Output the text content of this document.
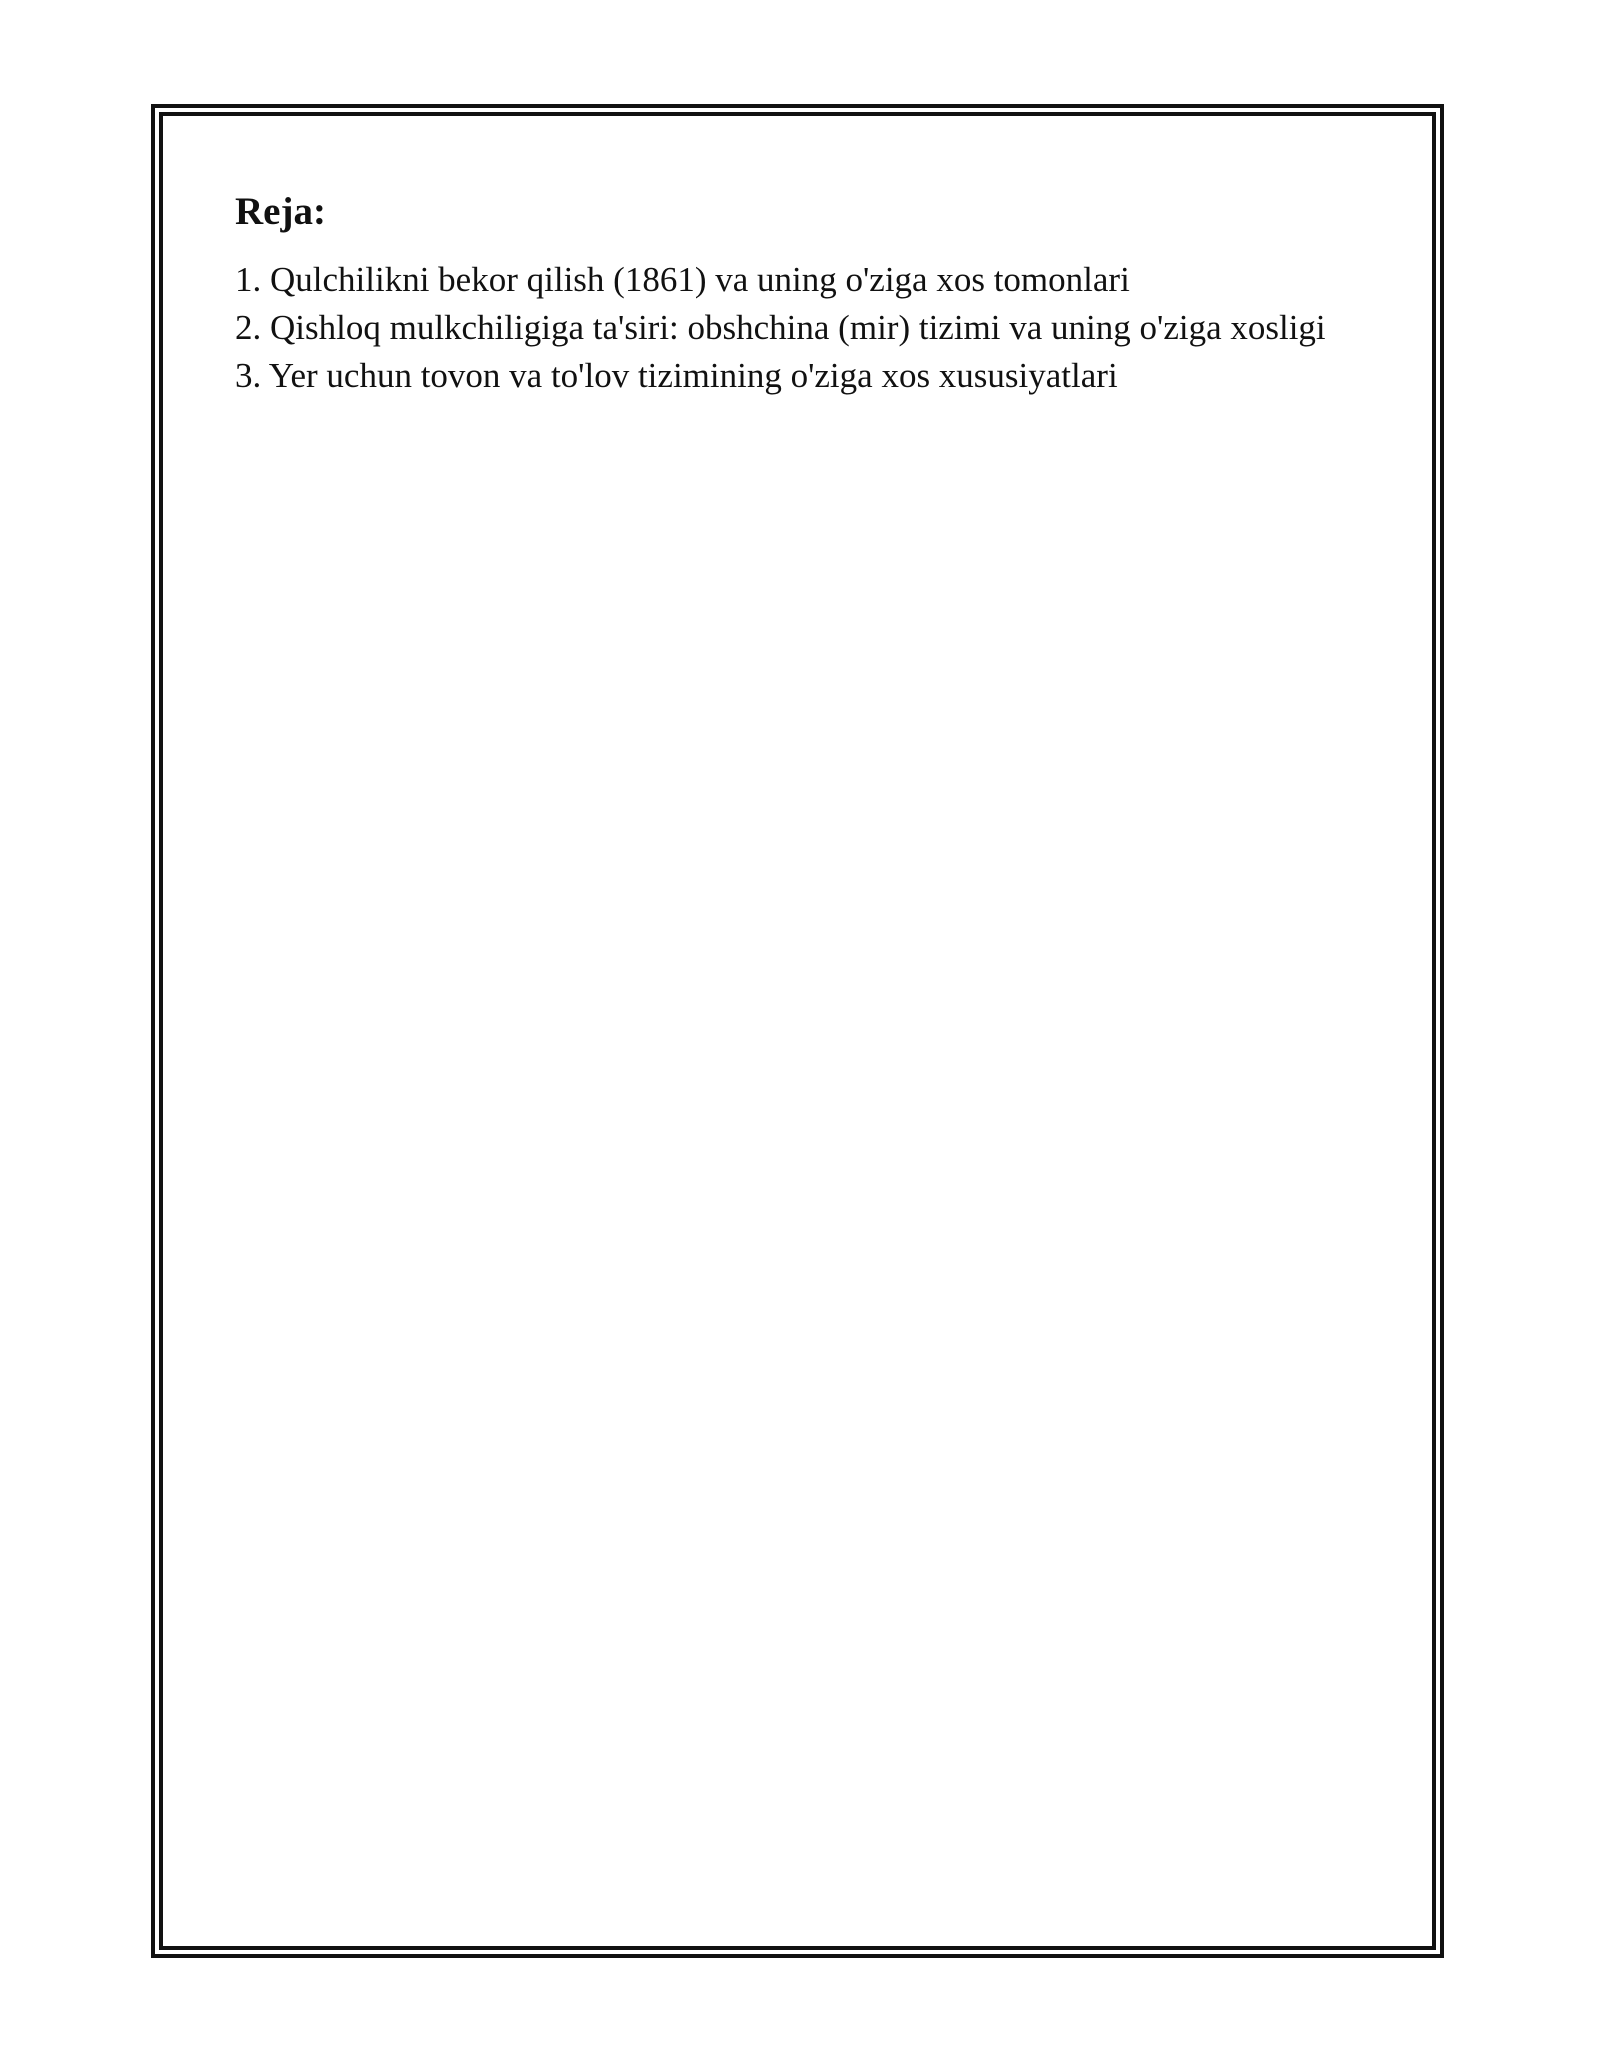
Reja:
1. Qulchilikni bekor qilish (1861) va uning o'ziga xos tomonlari
2. Qishloq mulkchiligiga ta'siri: obshchina (mir) tizimi va uning o'ziga xosligi
3. Yer uchun tovon va to'lov tizimining o'ziga xos xususiyatlari
